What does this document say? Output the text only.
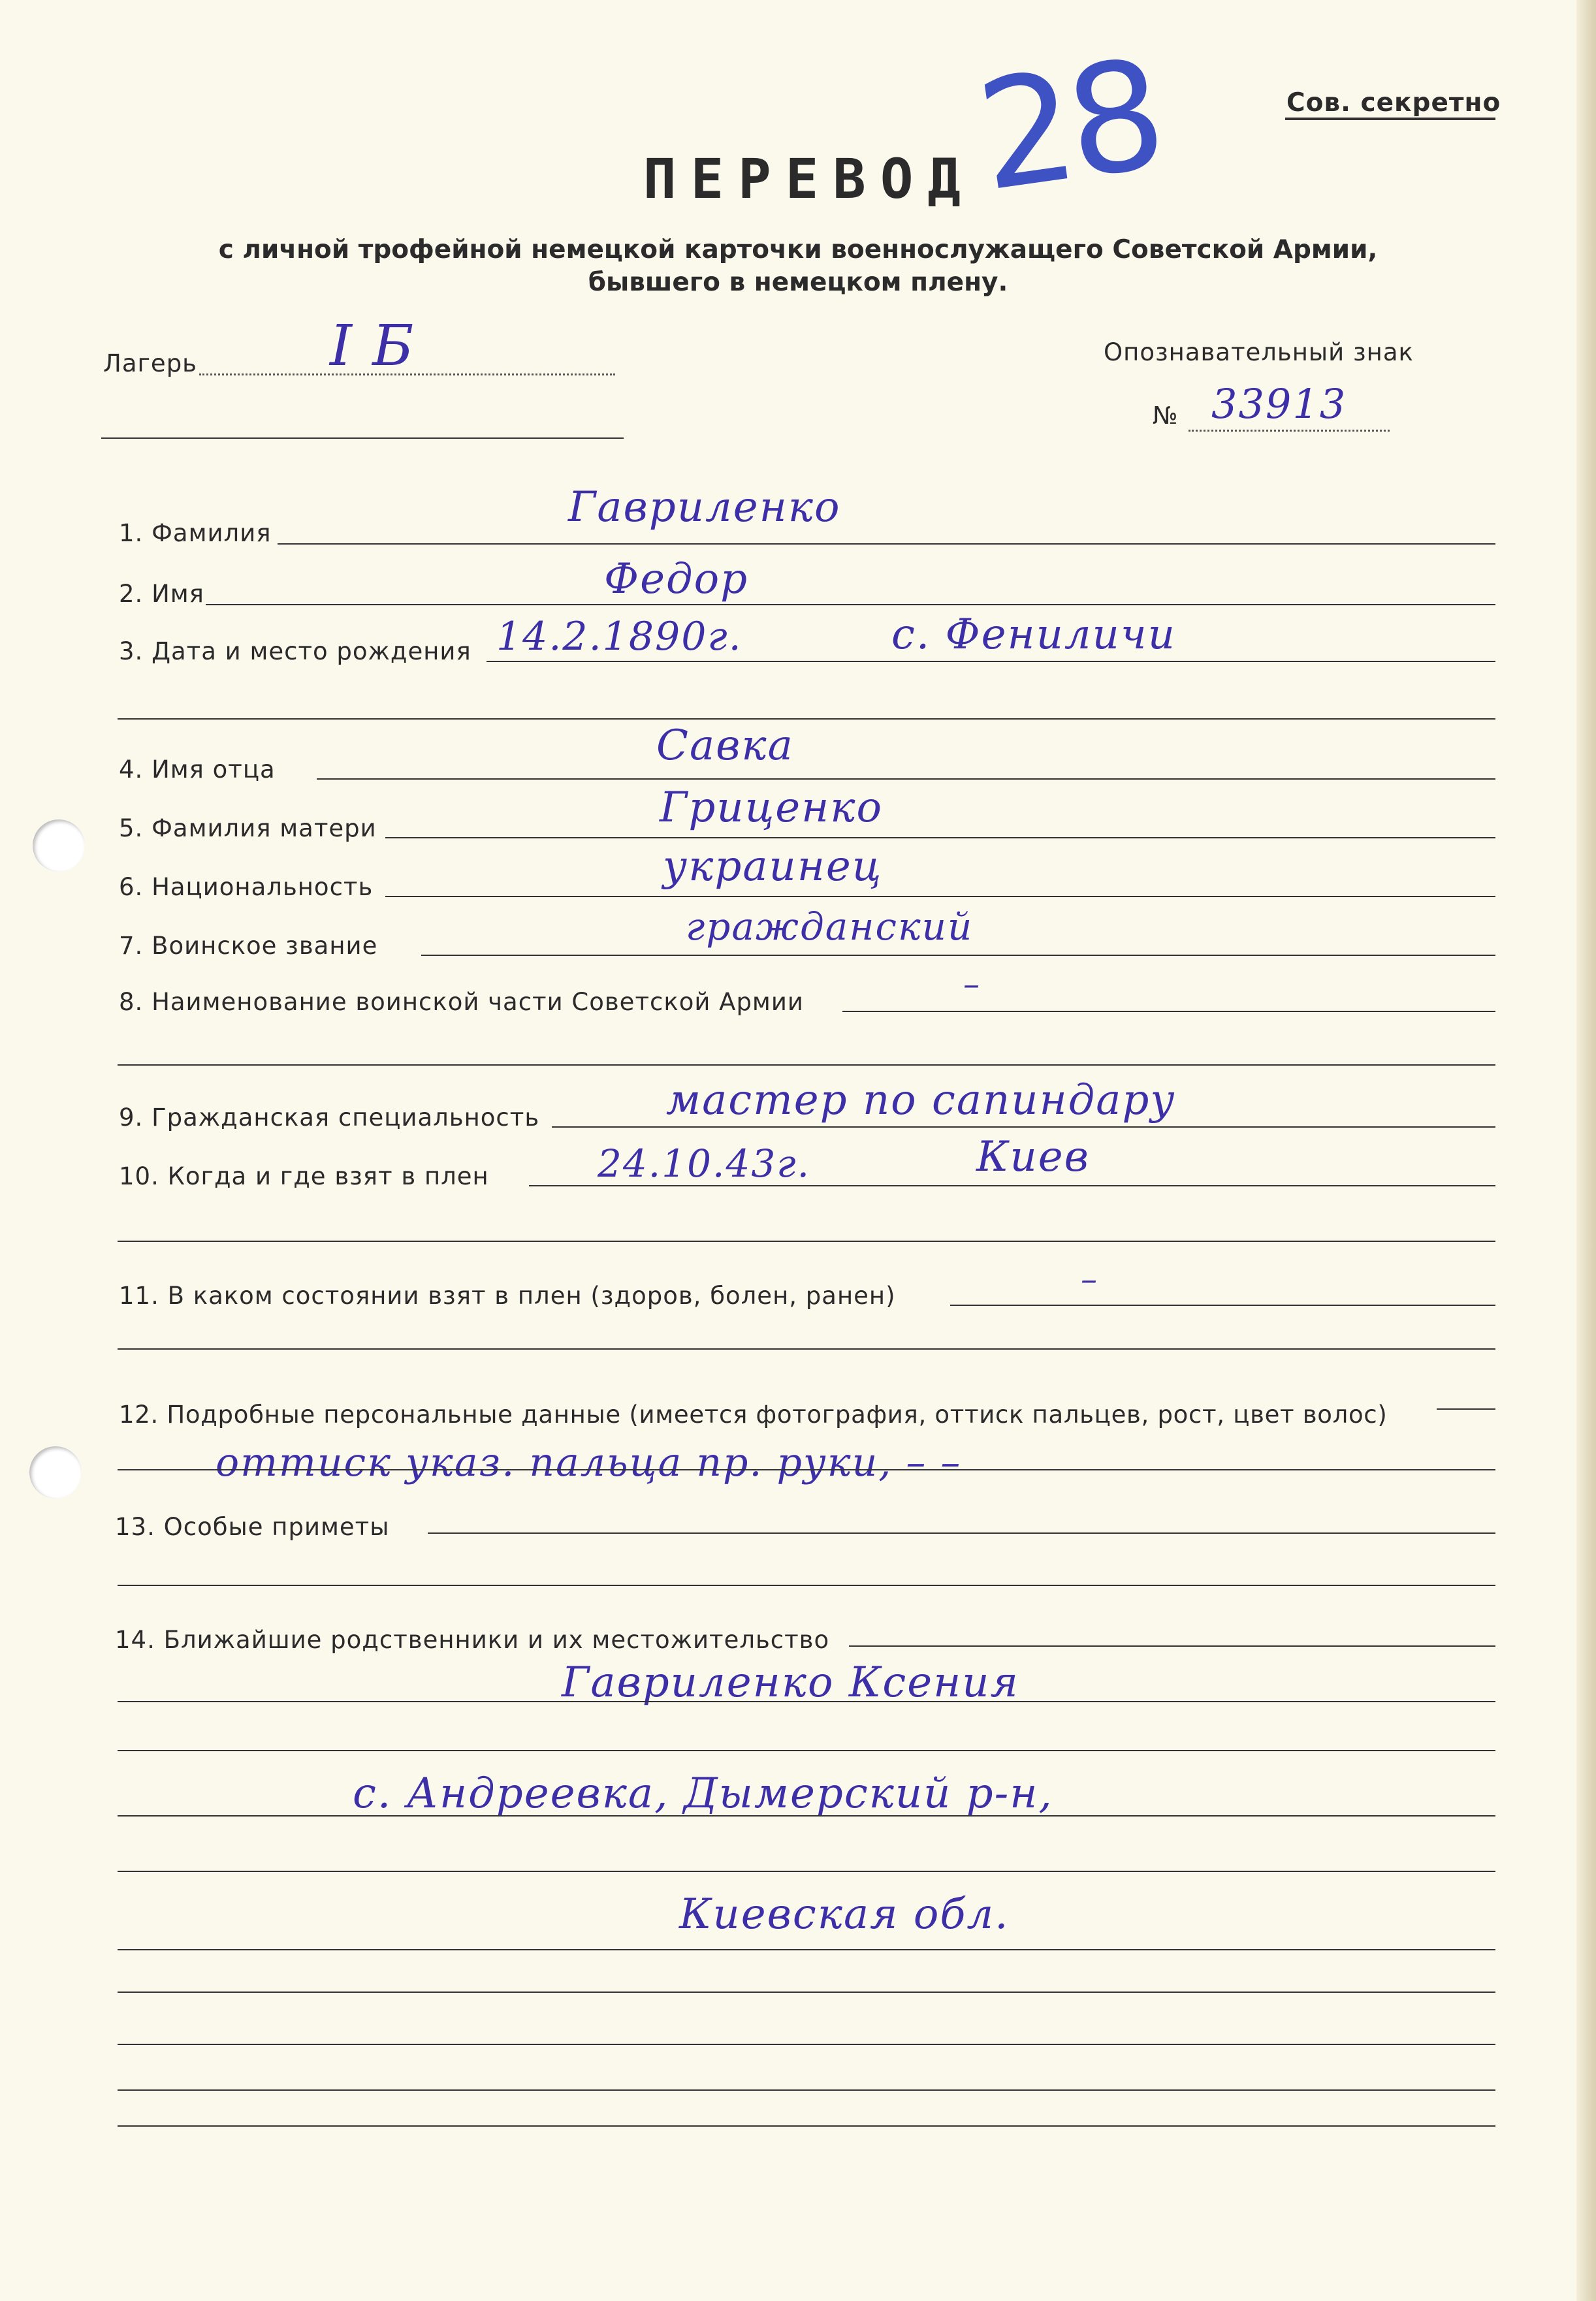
Сов. секретно
ПЕРЕВОД
28
с личной трофейной немецкой карточки военнослужащего Советской Армии,
бывшего в немецком плену.
Лагерь I Б	Опознавательный знак
№ 33913
1. Фамилия
Гавриленко
2. Имя	Федор
3. Дата и место рождения 14.2.1890г.	с. Фениличи
4. Имя отца	Савка
5. Фамилия матери	Гриценко
6. Национальность	украинец
7. Воинское звание	гражданский
8. Наименование воинской части Советской Армии	–
9. Гражданская специальность	мастер по сапиндару
10. Когда и где взят в плен	24.10.43г.	Киев
11. В каком состоянии взят в плен (здоров, болен, ранен)	–
12. Подробные персональные данные (имеется фотография, оттиск пальцев, рост, цвет волос)
оттиск указ. пальца пр. руки, – –
13. Особые приметы
14. Ближайшие родственники и их местожительство
Гавриленко Ксения
с. Андреевка, Дымерский р-н,
Киевская обл.
